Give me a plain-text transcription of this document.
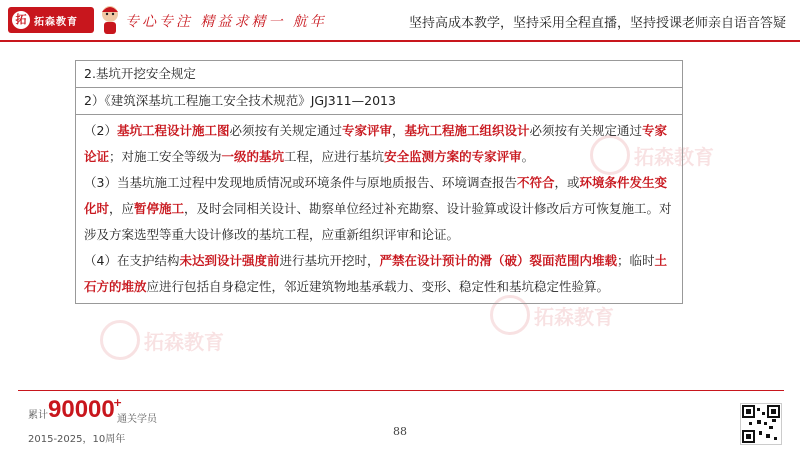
拓 拓森教育	专心专注 精益求精一 航年	坚持高成本教学，坚持采用全程直播，坚持授课老师亲自语音答疑
拓森教育
拓森教育
拓森教育
2.基坑开挖安全规定
2）《建筑深基坑工程施工安全技术规范》JGJ311—2013

（2）基坑工程设计施工图必须按有关规定通过专家评审，基坑工程施工组织设计必须按有关规定通过专家论证；对施工安全等级为一级的基坑工程，应进行基坑安全监测方案的专家评审。

（3）当基坑施工过程中发现地质情况或环境条件与原地质报告、环境调查报告不符合，或环境条件发生变化时，应暂停施工，及时会同相关设计、勘察单位经过补充勘察、设计验算或设计修改后方可恢复施工。对涉及方案选型等重大设计修改的基坑工程，应重新组织评审和论证。

（4）在支护结构未达到设计强度前进行基坑开挖时，严禁在设计预计的滑（破）裂面范围内堆载；临时土石方的堆放应进行包括自身稳定性，邻近建筑物地基承载力、变形、稳定性和基坑稳定性验算。

累计 90000
+
通关学员
2015-2025，10周年
88
